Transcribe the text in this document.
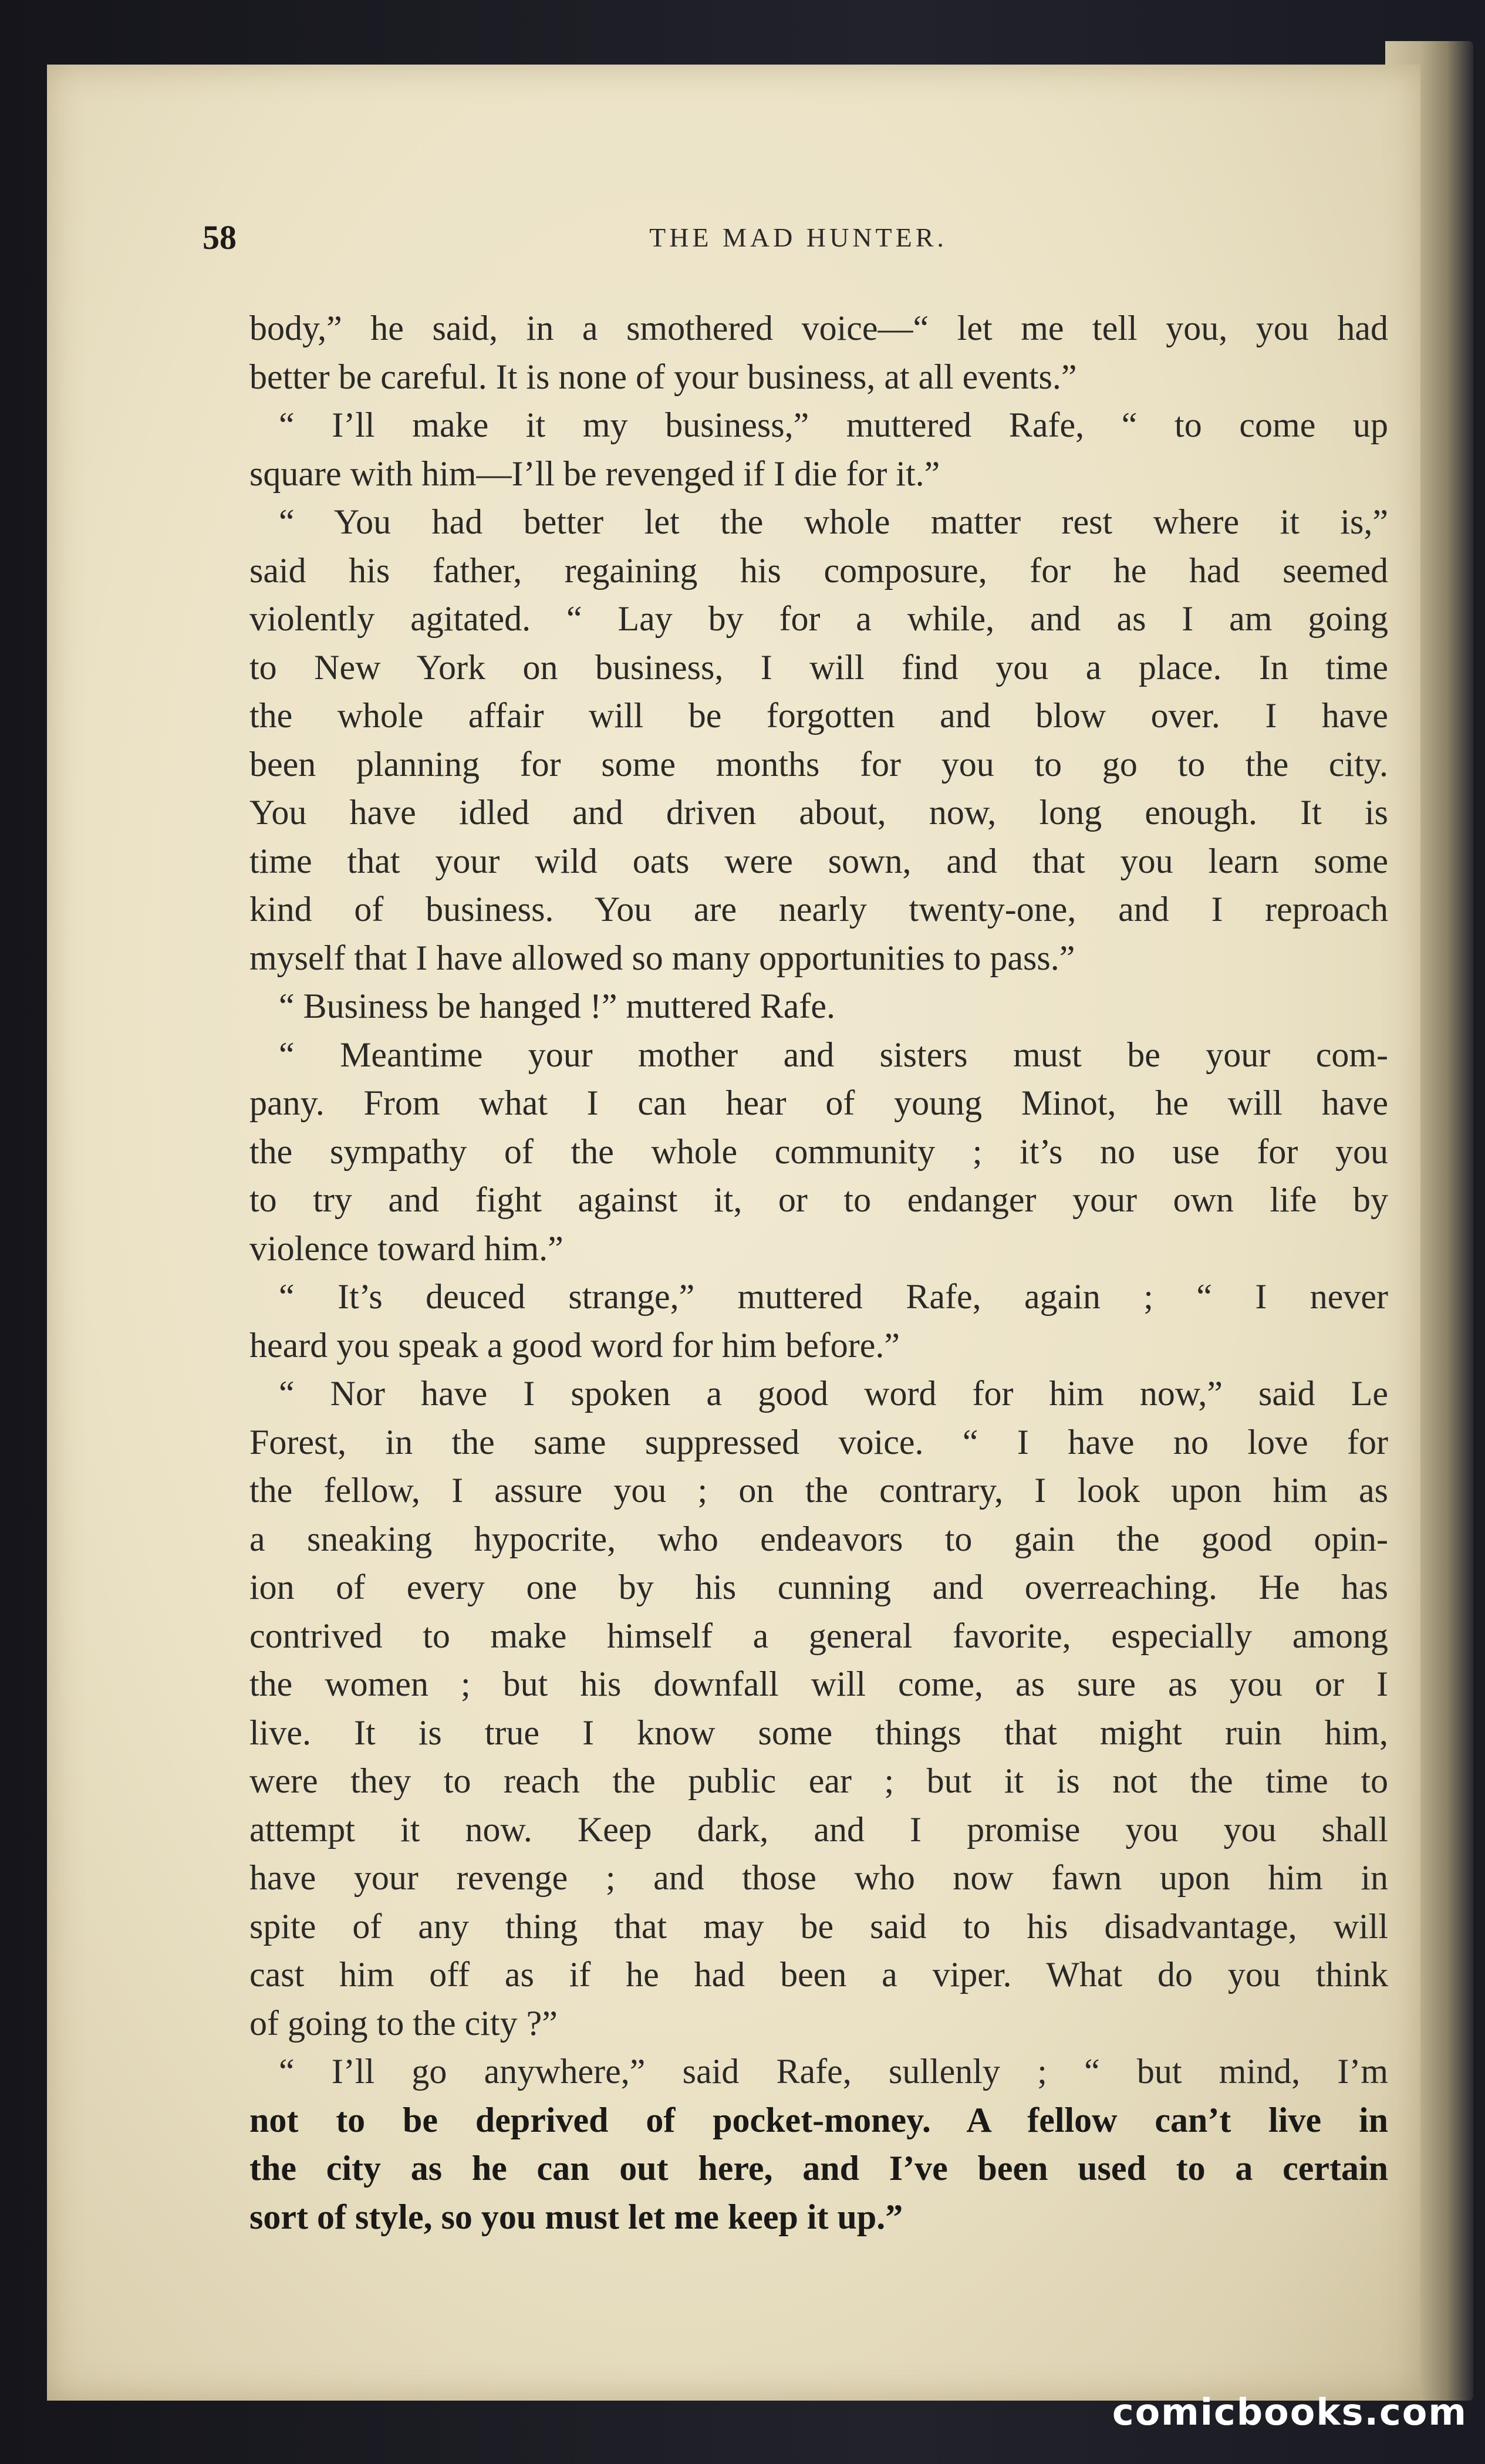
58	THE MAD HUNTER.
body,” he said, in a smothered voice—“ let me tell you, you had
better be careful. It is none of your business, at all events.”
“ I’ll make it my business,” muttered Rafe, “ to come up
square with him—I’ll be revenged if I die for it.”
“ You had better let the whole matter rest where it is,”
said his father, regaining his composure, for he had seemed
violently agitated. “ Lay by for a while, and as I am going
to New York on business, I will find you a place. In time
the whole affair will be forgotten and blow over. I have
been planning for some months for you to go to the city.
You have idled and driven about, now, long enough. It is
time that your wild oats were sown, and that you learn some
kind of business. You are nearly twenty-one, and I reproach
myself that I have allowed so many opportunities to pass.”
“ Business be hanged !” muttered Rafe.
“ Meantime your mother and sisters must be your com-
pany. From what I can hear of young Minot, he will have
the sympathy of the whole community ; it’s no use for you
to try and fight against it, or to endanger your own life by
violence toward him.”
“ It’s deuced strange,” muttered Rafe, again ; “ I never
heard you speak a good word for him before.”
“ Nor have I spoken a good word for him now,” said Le
Forest, in the same suppressed voice. “ I have no love for
the fellow, I assure you ; on the contrary, I look upon him as
a sneaking hypocrite, who endeavors to gain the good opin-
ion of every one by his cunning and overreaching. He has
contrived to make himself a general favorite, especially among
the women ; but his downfall will come, as sure as you or I
live. It is true I know some things that might ruin him,
were they to reach the public ear ; but it is not the time to
attempt it now. Keep dark, and I promise you you shall
have your revenge ; and those who now fawn upon him in
spite of any thing that may be said to his disadvantage, will
cast him off as if he had been a viper. What do you think
of going to the city ?”
“ I’ll go anywhere,” said Rafe, sullenly ; “ but mind, I’m
not to be deprived of pocket-money. A fellow can’t live in
the city as he can out here, and I’ve been used to a certain
sort of style, so you must let me keep it up.”
comicbooks.com
